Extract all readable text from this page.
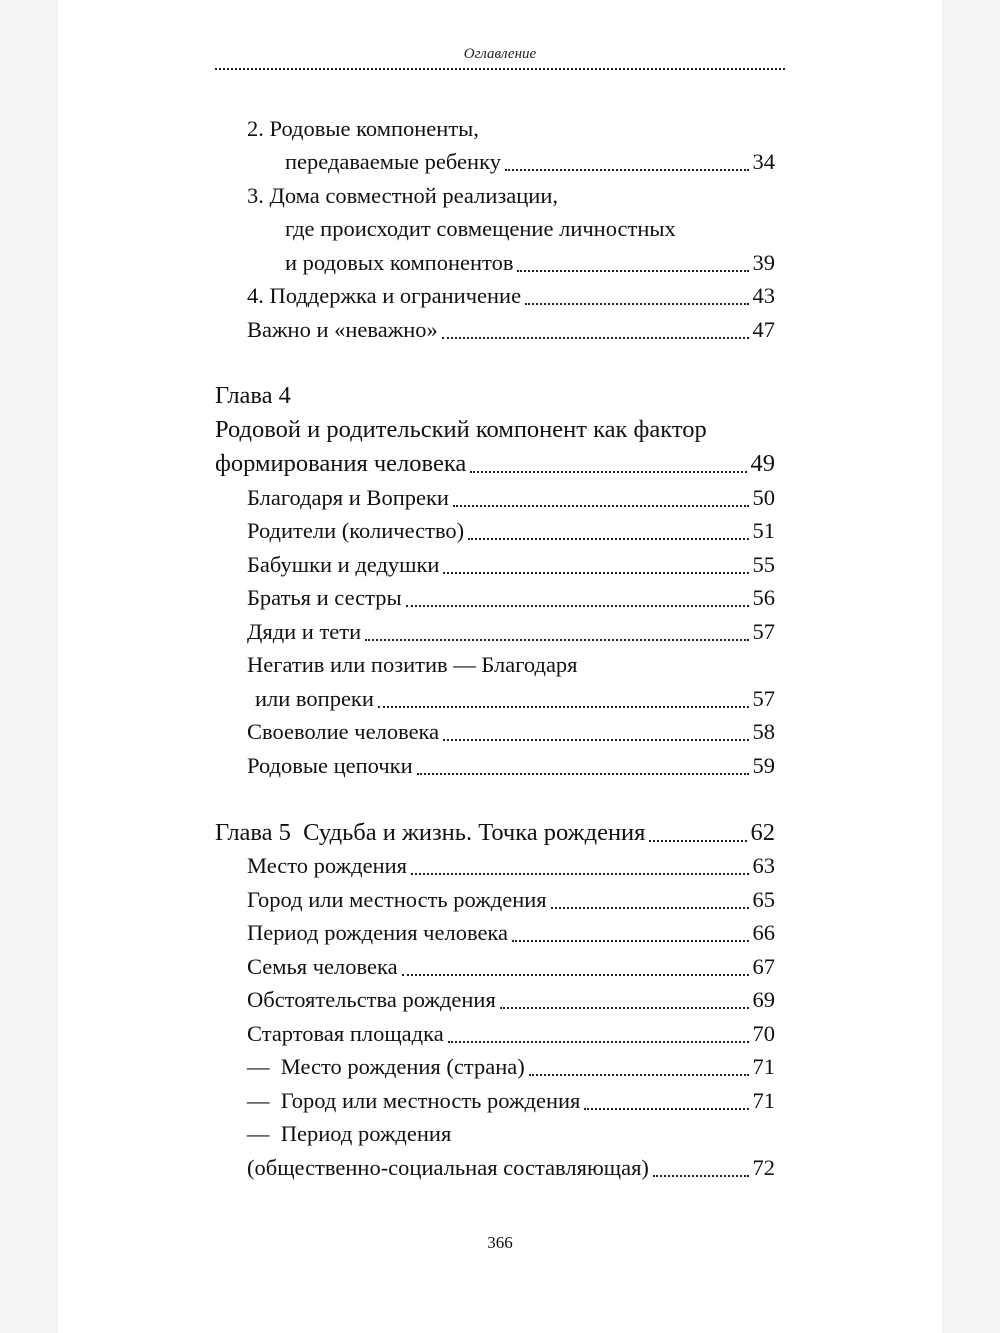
Оглавление
2. Родовые компоненты,
передаваемые ребенку	34
3. Дома совместной реализации,
где происходит совмещение личностных
и родовых компонентов	39
4. Поддержка и ограничение	43
Важно и «неважно»	47
Глава 4
Родовой и родительский компонент как фактор
формирования человека	49
Благодаря и Вопреки	50
Родители (количество)	51
Бабушки и дедушки	55
Братья и сестры	56
Дяди и тети	57
Негатив или позитив — Благодаря
или вопреки	57
Своеволие человека	58
Родовые цепочки	59
Глава 5  Судьба и жизнь. Точка рождения	62
Место рождения	63
Город или местность рождения	65
Период рождения человека	66
Семья человека	67
Обстоятельства рождения	69
Стартовая площадка	70
—  Место рождения (страна)	71
—  Город или местность рождения	71
—  Период рождения
(общественно-социальная составляющая)	72
366
